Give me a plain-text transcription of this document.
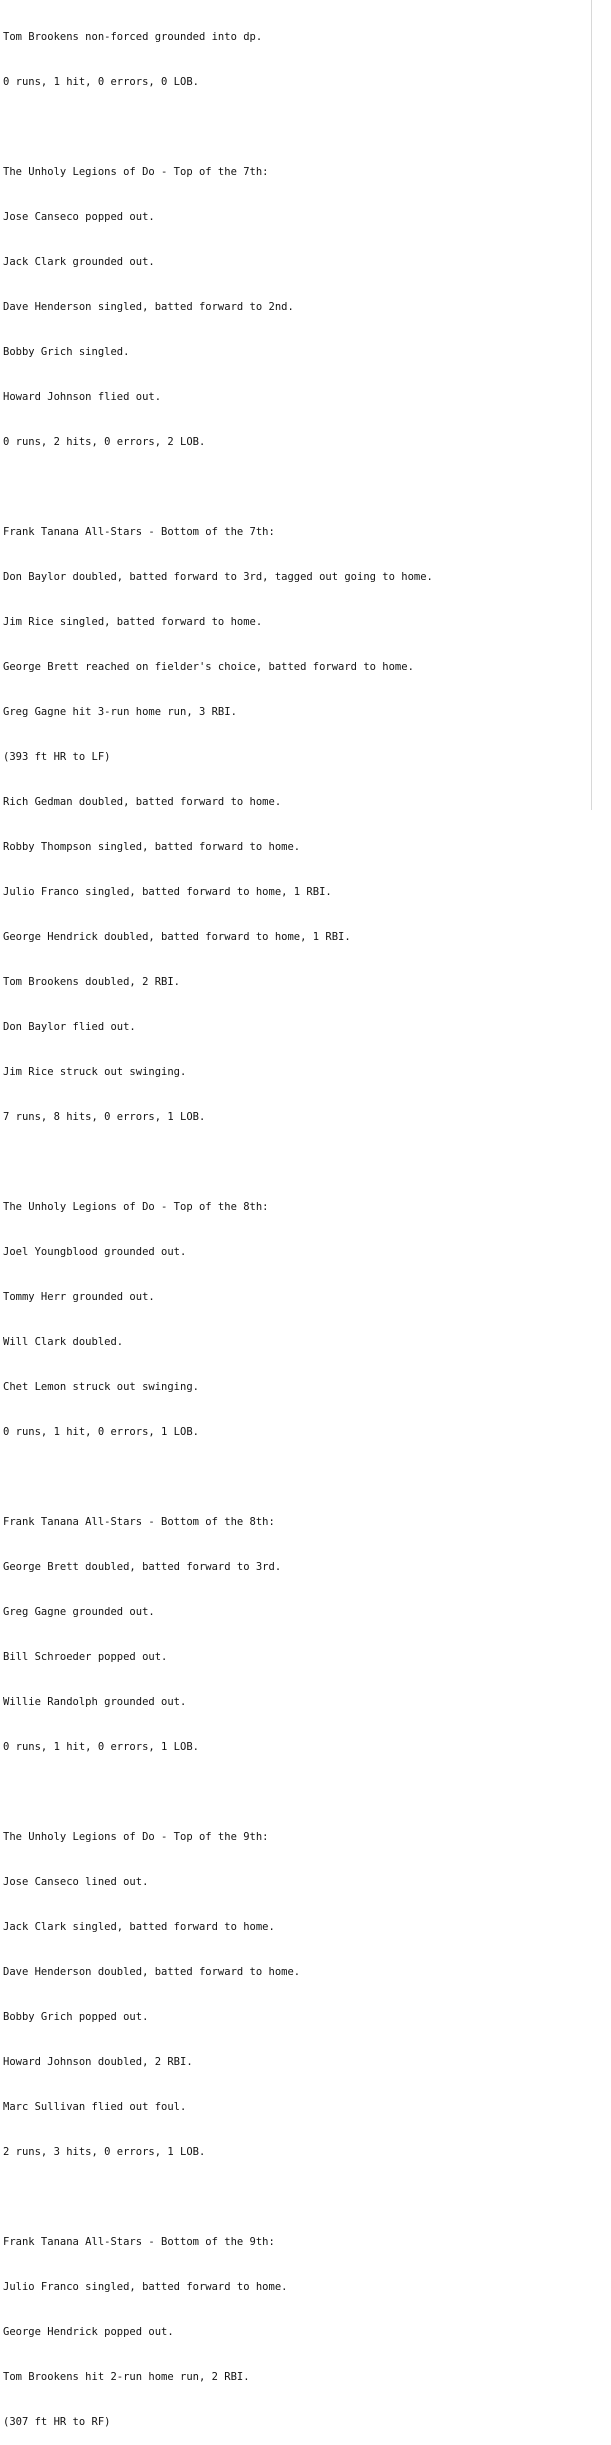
Tom Brookens non-forced grounded into dp.

0 runs, 1 hit, 0 errors, 0 LOB.

The Unholy Legions of Do - Top of the 7th:

Jose Canseco popped out.

Jack Clark grounded out.

Dave Henderson singled, batted forward to 2nd.

Bobby Grich singled.

Howard Johnson flied out.

0 runs, 2 hits, 0 errors, 2 LOB.

Frank Tanana All-Stars - Bottom of the 7th:

Don Baylor doubled, batted forward to 3rd, tagged out going to home.

Jim Rice singled, batted forward to home.

George Brett reached on fielder's choice, batted forward to home.

Greg Gagne hit 3-run home run, 3 RBI.

(393 ft HR to LF)

Rich Gedman doubled, batted forward to home.

Robby Thompson singled, batted forward to home.

Julio Franco singled, batted forward to home, 1 RBI.

George Hendrick doubled, batted forward to home, 1 RBI.

Tom Brookens doubled, 2 RBI.

Don Baylor flied out.

Jim Rice struck out swinging.

7 runs, 8 hits, 0 errors, 1 LOB.

The Unholy Legions of Do - Top of the 8th:

Joel Youngblood grounded out.

Tommy Herr grounded out.

Will Clark doubled.

Chet Lemon struck out swinging.

0 runs, 1 hit, 0 errors, 1 LOB.

Frank Tanana All-Stars - Bottom of the 8th:

George Brett doubled, batted forward to 3rd.

Greg Gagne grounded out.

Bill Schroeder popped out.

Willie Randolph grounded out.

0 runs, 1 hit, 0 errors, 1 LOB.

The Unholy Legions of Do - Top of the 9th:

Jose Canseco lined out.

Jack Clark singled, batted forward to home.

Dave Henderson doubled, batted forward to home.

Bobby Grich popped out.

Howard Johnson doubled, 2 RBI.

Marc Sullivan flied out foul.

2 runs, 3 hits, 0 errors, 1 LOB.

Frank Tanana All-Stars - Bottom of the 9th:

Julio Franco singled, batted forward to home.

George Hendrick popped out.

Tom Brookens hit 2-run home run, 2 RBI.

(307 ft HR to RF)
